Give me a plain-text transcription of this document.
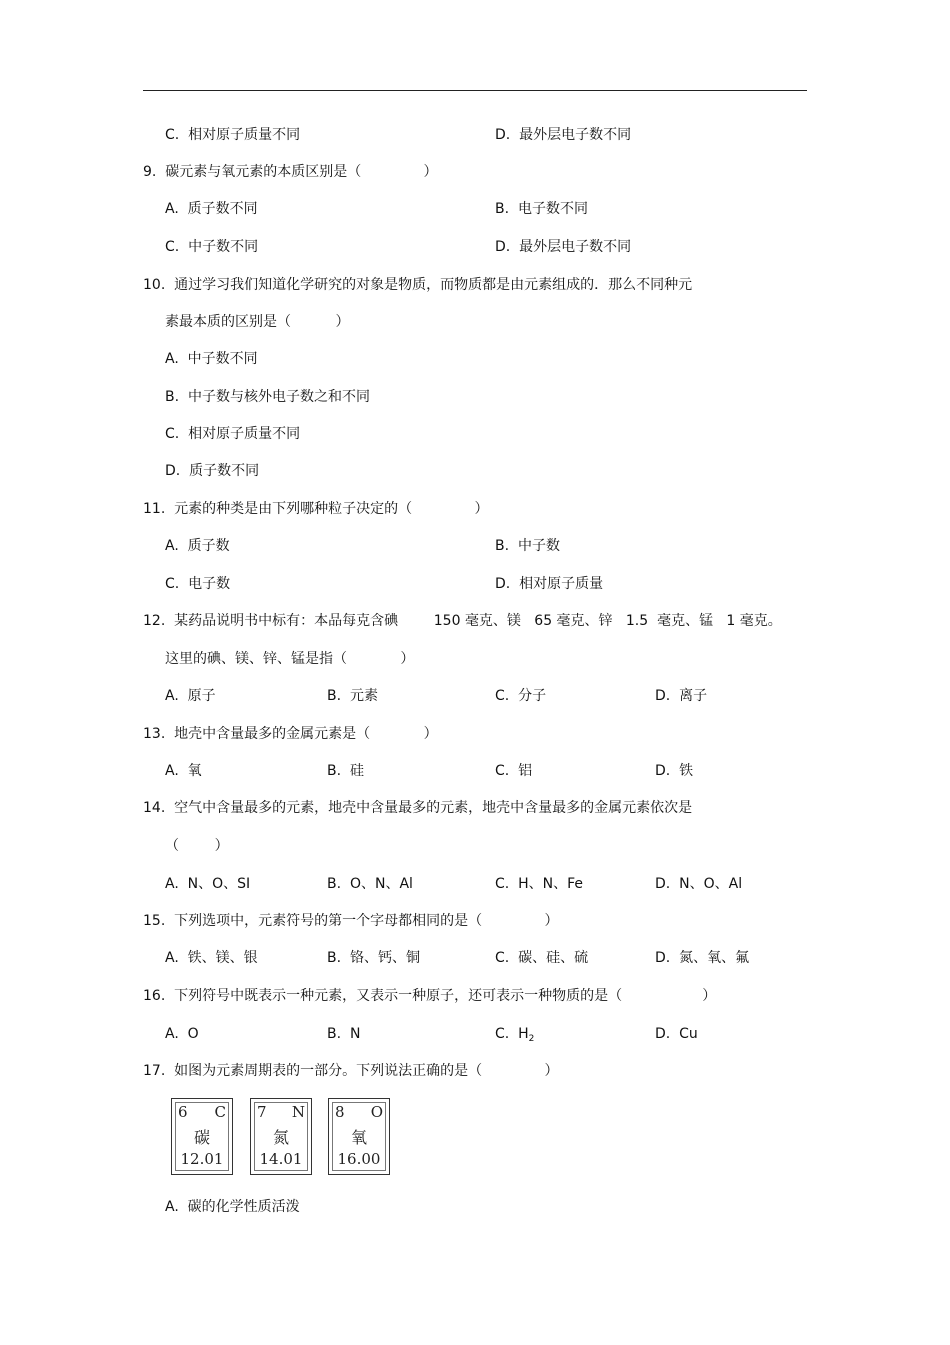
C.  相对原子质量不同	D.  最外层电子数不同
9.  碳元素与氧元素的本质区别是（              ）
A.  质子数不同	B.  电子数不同
C.  中子数不同	D.  最外层电子数不同
10.  通过学习我们知道化学研究的对象是物质，而物质都是由元素组成的．那么不同种元
素最本质的区别是（          ）
A.  中子数不同
B.  中子数与核外电子数之和不同
C.  相对原子质量不同
D.  质子数不同
11.  元素的种类是由下列哪种粒子决定的（              ）
A.  质子数	B.  中子数
C.  电子数	D.  相对原子质量
12.  某药品说明书中标有：本品每克含碘        150 毫克、镁   65 毫克、锌   1.5  毫克、锰   1 毫克。
这里的碘、镁、锌、锰是指（            ）
A.  原子	B.  元素	C.  分子	D.  离子
13.  地壳中含量最多的金属元素是（            ）
A.  氧	B.  硅	C.  铝	D.  铁
14.  空气中含量最多的元素，地壳中含量最多的元素，地壳中含量最多的金属元素依次是
（        ）
A.  N、O、SI	B.  O、N、Al	C.  H、N、Fe	D.  N、O、Al
15.  下列选项中，元素符号的第一个字母都相同的是（              ）
A.  铁、镁、银	B.  铬、钙、铜	C.  碳、硅、硫	D.  氮、氧、氟
16.  下列符号中既表示一种元素，又表示一种原子，还可表示一种物质的是（                  ）
A.  O	B.  N	C.  $H_2$	D.  Cu
17.  如图为元素周期表的一部分。下列说法正确的是（              ）
6 C
碳
12.01
7 N
氮
14.01
8 O
氧
16.00
A.  碳的化学性质活泼
